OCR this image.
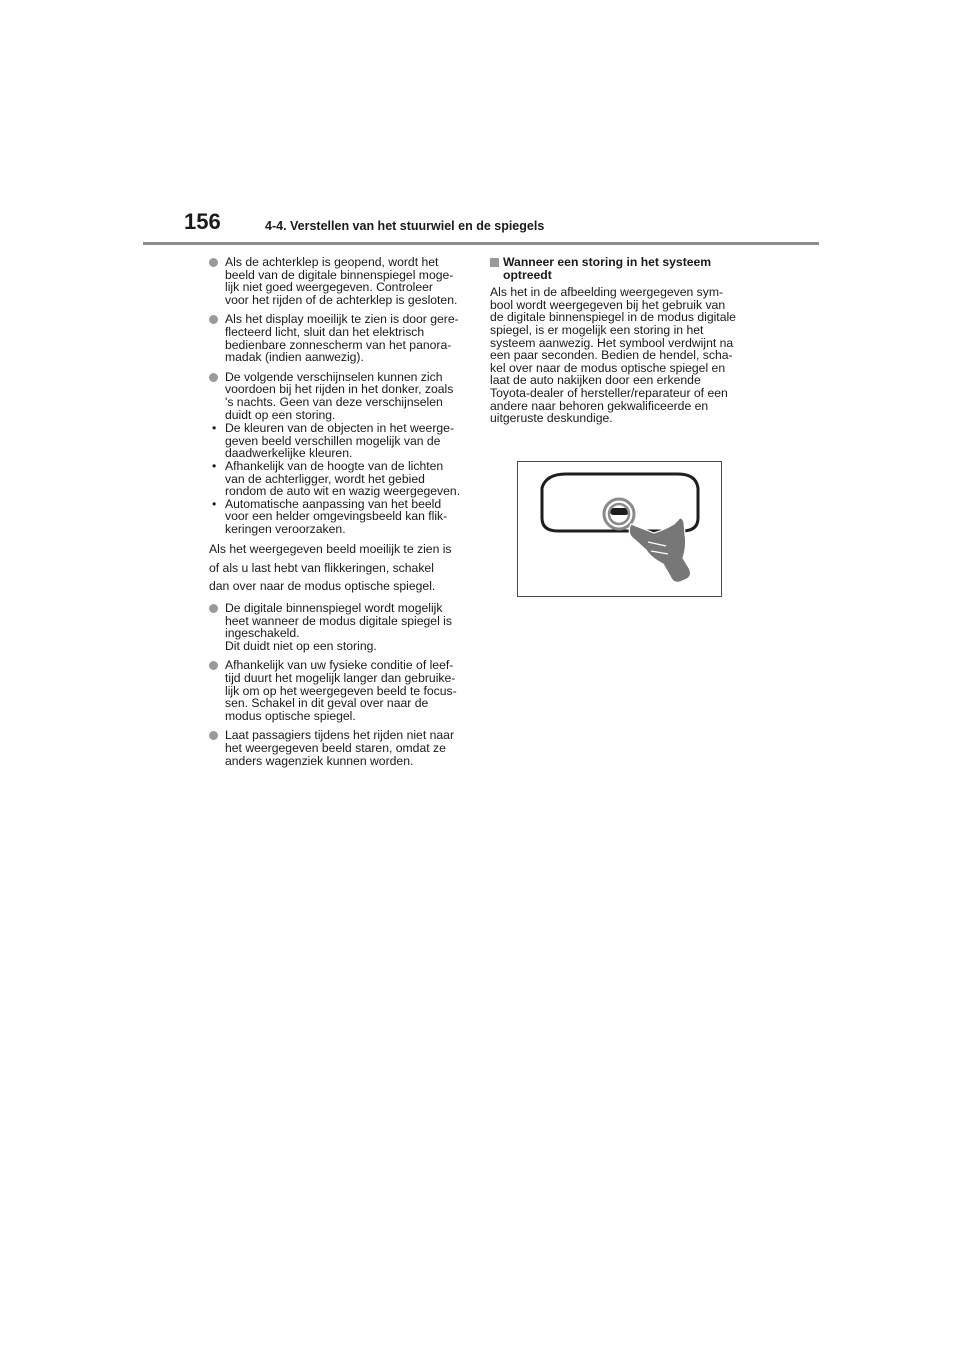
156	4-4. Verstellen van het stuurwiel en de spiegels
Als de achterklep is geopend, wordt het
beeld van de digitale binnenspiegel moge-
lijk niet goed weergegeven. Controleer
voor het rijden of de achterklep is gesloten.
Als het display moeilijk te zien is door gere-
flecteerd licht, sluit dan het elektrisch
bedienbare zonnescherm van het panora-
madak (indien aanwezig).
De volgende verschijnselen kunnen zich
voordoen bij het rijden in het donker, zoals
's nachts. Geen van deze verschijnselen
duidt op een storing.
• De kleuren van de objecten in het weerge-
geven beeld verschillen mogelijk van de
daadwerkelijke kleuren.
• Afhankelijk van de hoogte van de lichten
van de achterligger, wordt het gebied
rondom de auto wit en wazig weergegeven.
• Automatische aanpassing van het beeld
voor een helder omgevingsbeeld kan flik-
keringen veroorzaken.
Als het weergegeven beeld moeilijk te zien is
of als u last hebt van flikkeringen, schakel
dan over naar de modus optische spiegel.
De digitale binnenspiegel wordt mogelijk
heet wanneer de modus digitale spiegel is
ingeschakeld.
Dit duidt niet op een storing.
Afhankelijk van uw fysieke conditie of leef-
tijd duurt het mogelijk langer dan gebruike-
lijk om op het weergegeven beeld te focus-
sen. Schakel in dit geval over naar de
modus optische spiegel.
Laat passagiers tijdens het rijden niet naar
het weergegeven beeld staren, omdat ze
anders wagenziek kunnen worden.
Wanneer een storing in het systeem
optreedt
Als het in de afbeelding weergegeven sym-
bool wordt weergegeven bij het gebruik van
de digitale binnenspiegel in de modus digitale
spiegel, is er mogelijk een storing in het
systeem aanwezig. Het symbool verdwijnt na
een paar seconden. Bedien de hendel, scha-
kel over naar de modus optische spiegel en
laat de auto nakijken door een erkende
Toyota-dealer of hersteller/reparateur of een
andere naar behoren gekwalificeerde en
uitgeruste deskundige.
